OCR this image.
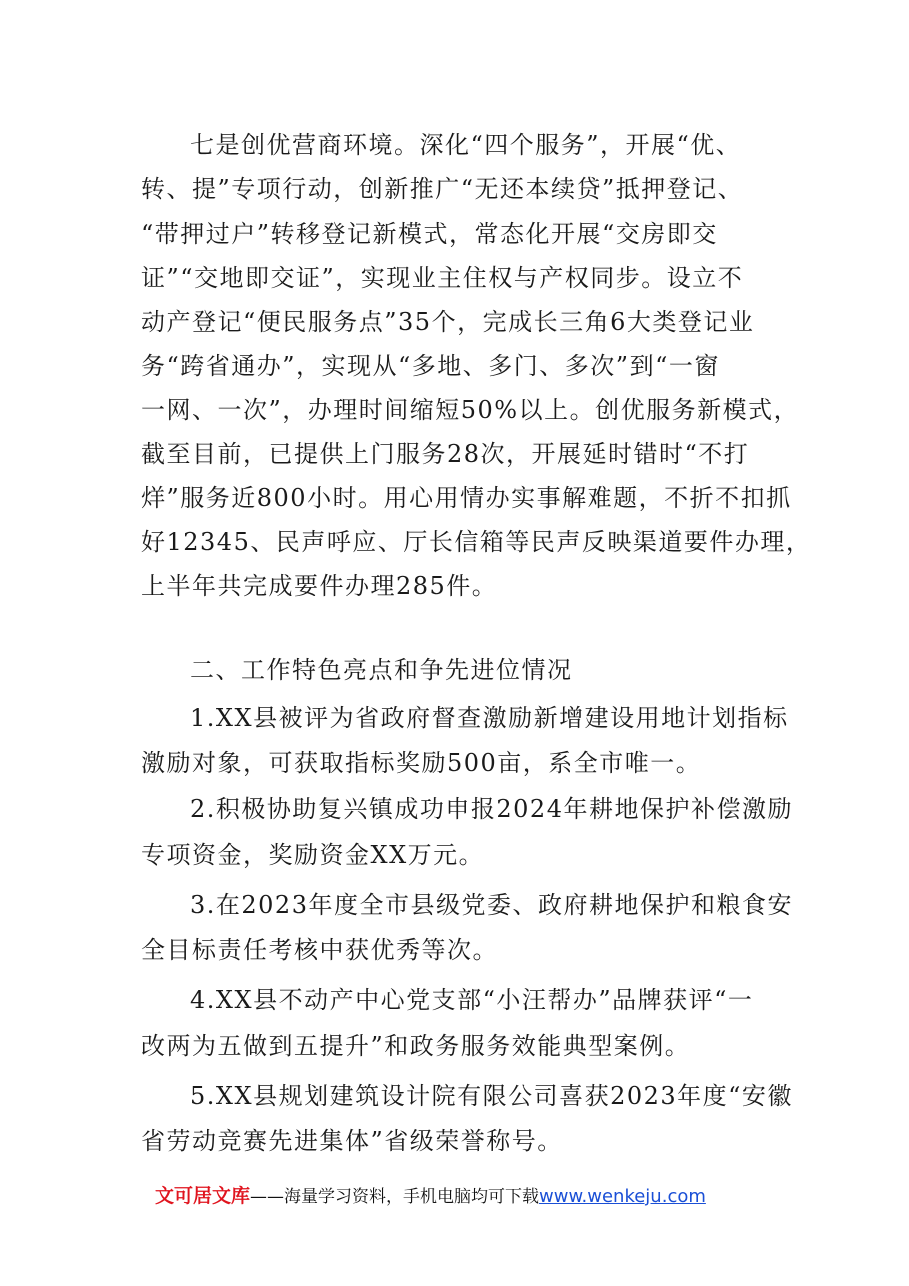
七是创优营商环境。深化“四个服务”，开展“优、
转、提”专项行动，创新推广“无还本续贷”抵押登记、
“带押过户”转移登记新模式，常态化开展“交房即交
证”“交地即交证”，实现业主住权与产权同步。设立不
动产登记“便民服务点”35个，完成长三角6大类登记业
务“跨省通办”，实现从“多地、多门、多次”到“一窗
一网、一次”，办理时间缩短50%以上。创优服务新模式，
截至目前，已提供上门服务28次，开展延时错时“不打
烊”服务近800小时。用心用情办实事解难题，不折不扣抓
好12345、民声呼应、厅长信箱等民声反映渠道要件办理，
上半年共完成要件办理285件。
二、工作特色亮点和争先进位情况
1.XX县被评为省政府督查激励新增建设用地计划指标
激励对象，可获取指标奖励500亩，系全市唯一。
2.积极协助复兴镇成功申报2024年耕地保护补偿激励
专项资金，奖励资金XX万元。
3.在2023年度全市县级党委、政府耕地保护和粮食安
全目标责任考核中获优秀等次。
4.XX县不动产中心党支部“小汪帮办”品牌获评“一
改两为五做到五提升”和政务服务效能典型案例。
5.XX县规划建筑设计院有限公司喜获2023年度“安徽
省劳动竞赛先进集体”省级荣誉称号。
文可居文库——海量学习资料，手机电脑均可下载www.wenkeju.com
